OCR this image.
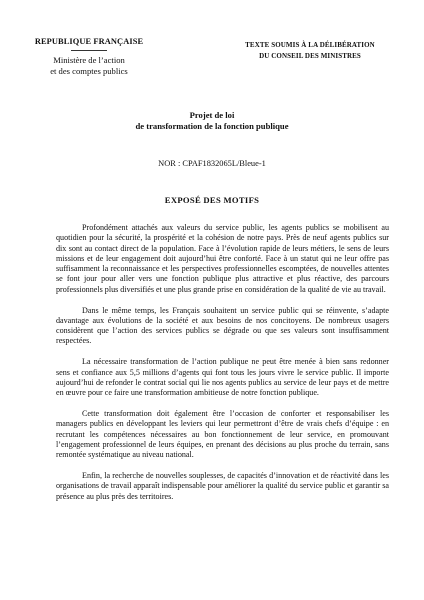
REPUBLIQUE FRANÇAISE
Ministère de l’action
et des comptes publics
TEXTE SOUMIS À LA DÉLIBÉRATION
DU CONSEIL DES MINISTRES
Projet de loi
de transformation de la fonction publique
NOR : CPAF1832065L/Bleue-1
EXPOSÉ DES MOTIFS

Profondément attachés aux valeurs du service public, les agents publics se mobilisent au quotidien pour la sécurité, la prospérité et la cohésion de notre pays. Près de neuf agents publics sur dix sont au contact direct de la population. Face à l’évolution rapide de leurs métiers, le sens de leurs missions et de leur engagement doit aujourd’hui être conforté. Face à un statut qui ne leur offre pas suffisamment la reconnaissance et les perspectives professionnelles escomptées, de nouvelles attentes se font jour pour aller vers une fonction publique plus attractive et plus réactive, des parcours professionnels plus diversifiés et une plus grande prise en considération de la qualité de vie au travail.

Dans le même temps, les Français souhaitent un service public qui se réinvente, s’adapte davantage aux évolutions de la société et aux besoins de nos concitoyens. De nombreux usagers considèrent que l’action des services publics se dégrade ou que ses valeurs sont insuffisamment respectées.

La nécessaire transformation de l’action publique ne peut être menée à bien sans redonner sens et confiance aux 5,5 millions d’agents qui font tous les jours vivre le service public. Il importe aujourd’hui de refonder le contrat social qui lie nos agents publics au service de leur pays et de mettre en œuvre pour ce faire une transformation ambitieuse de notre fonction publique.

Cette transformation doit également être l’occasion de conforter et responsabiliser les managers publics en développant les leviers qui leur permettront d’être de vrais chefs d’équipe : en recrutant les compétences nécessaires au bon fonctionnement de leur service, en promouvant l’engagement professionnel de leurs équipes, en prenant des décisions au plus proche du terrain, sans remontée systématique au niveau national.

Enfin, la recherche de nouvelles souplesses, de capacités d’innovation et de réactivité dans les organisations de travail apparaît indispensable pour améliorer la qualité du service public et garantir sa présence au plus près des territoires.
